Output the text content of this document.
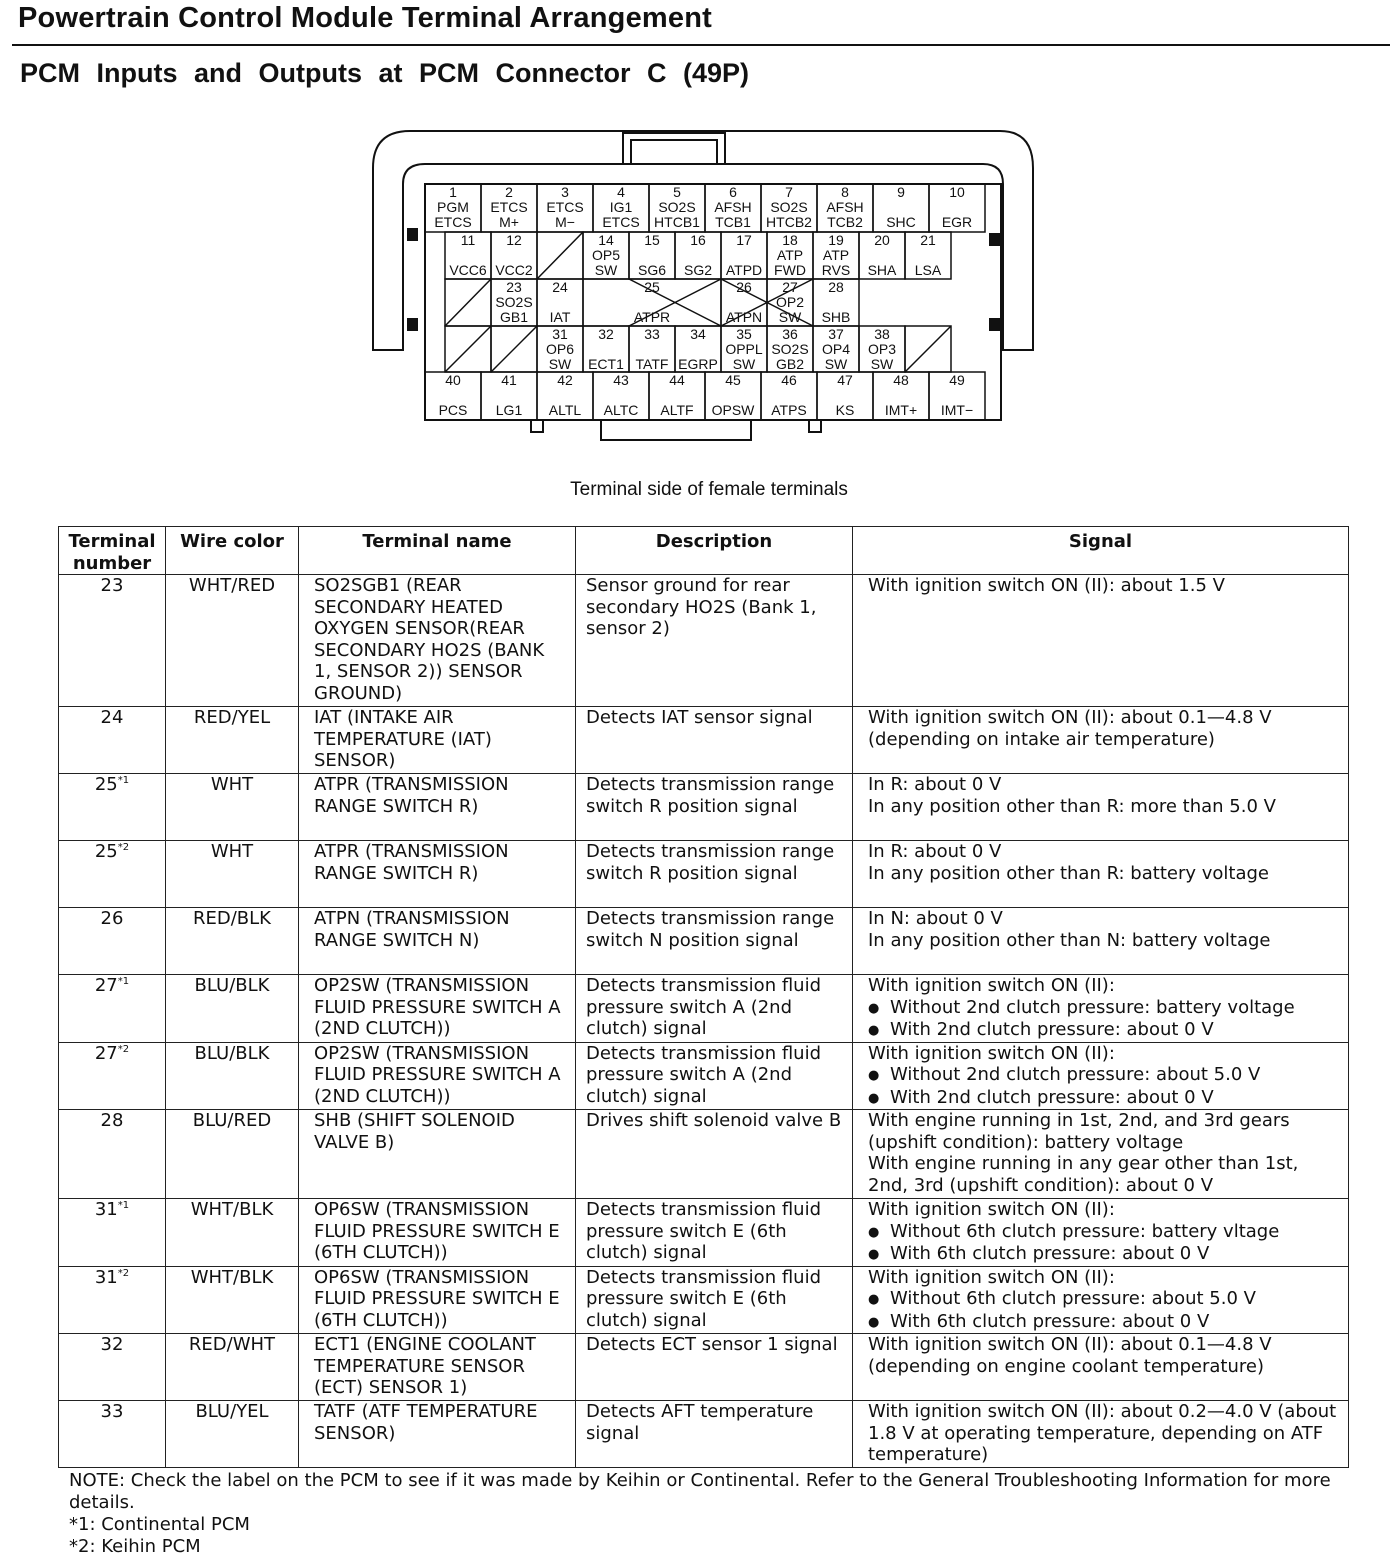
Powertrain Control Module Terminal Arrangement
PCM Inputs and Outputs at PCM Connector C (49P)
1
PGM
ETCS
2
ETCS
M+
3
ETCS
M−
4
IG1
ETCS
5
SO2S
HTCB1
6
AFSH
TCB1
7
SO2S
HTCB2
8
AFSH
TCB2
9
SHC
10
EGR
11
VCC6
12
VCC2
14
OP5
SW
15
SG6
16
SG2
17
ATPD
18
ATP
FWD
19
ATP
RVS
20
SHA
21
LSA
23
SO2S
GB1
24
IAT
25
ATPR
26
ATPN
27
OP2
SW
28
SHB
31
OP6
SW
32
ECT1
33
TATF
34
EGRP
35
OPPL
SW
36
SO2S
GB2
37
OP4
SW
38
OP3
SW
40
PCS
41
LG1
42
ALTL
43
ALTC
44
ALTF
45
OPSW
46
ATPS
47
KS
48
IMT+
49
IMT−
Terminal side of female terminals
Terminal number	Wire color	Terminal name	Description	Signal
23	WHT/RED	SO2SGB1 (REAR SECONDARY HEATED OXYGEN SENSOR(REAR SECONDARY HO2S (BANK 1, SENSOR 2)) SENSOR GROUND)	Sensor ground for rear secondary HO2S (Bank 1, sensor 2)	With ignition switch ON (II): about 1.5 V

24	RED/YEL	IAT (INTAKE AIR TEMPERATURE (IAT) SENSOR)	Detects IAT sensor signal	With ignition switch ON (II): about 0.1—4.8 V (depending on intake air temperature)

25$^{*1}$	WHT	ATPR (TRANSMISSION RANGE SWITCH R)	Detects transmission range switch R position signal	In R: about 0 V
In any position other than R: more than 5.0 V

25$^{*2}$	WHT	ATPR (TRANSMISSION RANGE SWITCH R)	Detects transmission range switch R position signal	In R: about 0 V
In any position other than R: battery voltage

26	RED/BLK	ATPN (TRANSMISSION RANGE SWITCH N)	Detects transmission range switch N position signal	In N: about 0 V
In any position other than N: battery voltage

27$^{*1}$	BLU/BLK	OP2SW (TRANSMISSION FLUID PRESSURE SWITCH A (2ND CLUTCH))	Detects transmission fluid pressure switch A (2nd clutch) signal	With ignition switch ON (II):
● Without 2nd clutch pressure: battery voltage
● With 2nd clutch pressure: about 0 V

27$^{*2}$	BLU/BLK	OP2SW (TRANSMISSION FLUID PRESSURE SWITCH A (2ND CLUTCH))	Detects transmission fluid pressure switch A (2nd clutch) signal	With ignition switch ON (II):
● Without 2nd clutch pressure: about 5.0 V
● With 2nd clutch pressure: about 0 V

28	BLU/RED	SHB (SHIFT SOLENOID VALVE B)	Drives shift solenoid valve B	With engine running in 1st, 2nd, and 3rd gears (upshift condition): battery voltage
With engine running in any gear other than 1st, 2nd, 3rd (upshift condition): about 0 V

31$^{*1}$	WHT/BLK	OP6SW (TRANSMISSION FLUID PRESSURE SWITCH E (6TH CLUTCH))	Detects transmission fluid pressure switch E (6th clutch) signal	With ignition switch ON (II):
● Without 6th clutch pressure: battery vltage
● With 6th clutch pressure: about 0 V

31$^{*2}$	WHT/BLK	OP6SW (TRANSMISSION FLUID PRESSURE SWITCH E (6TH CLUTCH))	Detects transmission fluid pressure switch E (6th clutch) signal	With ignition switch ON (II):
● Without 6th clutch pressure: about 5.0 V
● With 6th clutch pressure: about 0 V

32	RED/WHT	ECT1 (ENGINE COOLANT TEMPERATURE SENSOR (ECT) SENSOR 1)	Detects ECT sensor 1 signal	With ignition switch ON (II): about 0.1—4.8 V (depending on engine coolant temperature)

33	BLU/YEL	TATF (ATF TEMPERATURE SENSOR)	Detects AFT temperature signal	With ignition switch ON (II): about 0.2—4.0 V (about 1.8 V at operating temperature, depending on ATF temperature)
NOTE: Check the label on the PCM to see if it was made by Keihin or Continental. Refer to the General Troubleshooting Information for more details.
*1: Continental PCM
*2: Keihin PCM
